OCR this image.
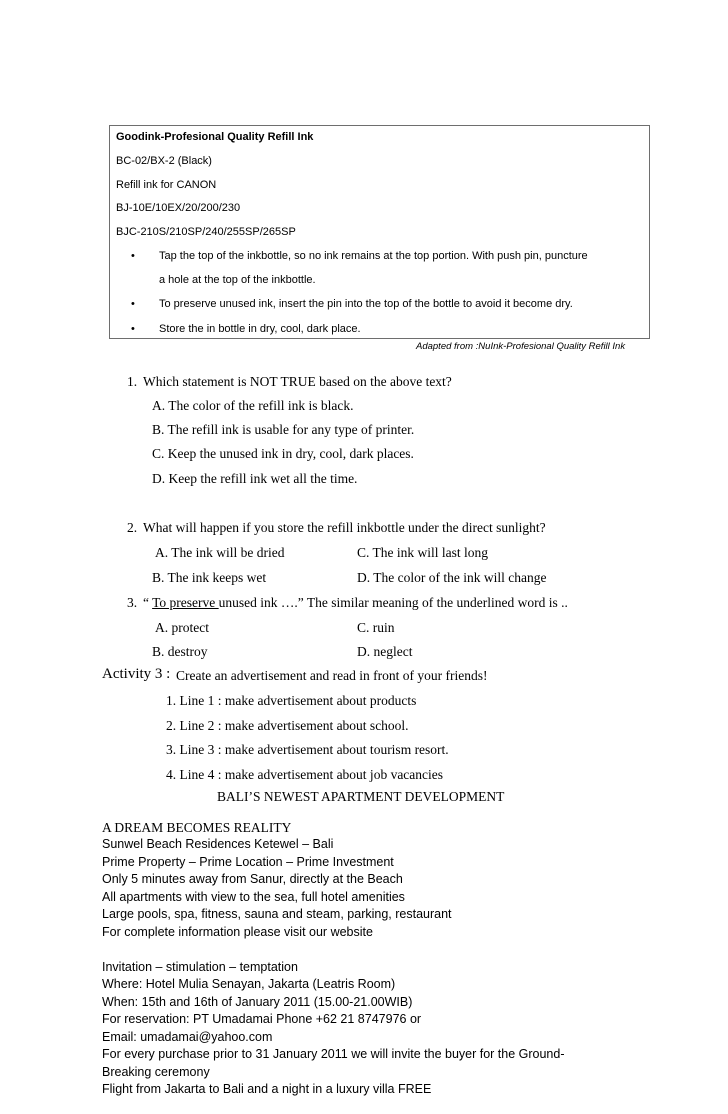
Goodink-Profesional Quality Refill Ink
BC-02/BX-2 (Black)
Refill ink for CANON
BJ-10E/10EX/20/200/230
BJC-210S/210SP/240/255SP/265SP
• Tap the top of the inkbottle, so no ink remains at the top portion. With push pin, puncture
a hole at the top of the inkbottle.
• To preserve unused ink, insert the pin into the top of the bottle to avoid it become dry.
• Store the in bottle in dry, cool, dark place.
Adapted from :NuInk-Profesional Quality Refill Ink
1. Which statement is NOT TRUE based on the above text?
A. The color of the refill ink is black.
B. The refill ink is usable for any type of printer.
C. Keep the unused ink in dry, cool, dark places.
D. Keep the refill ink wet all the time.
2. What will happen if you store the refill inkbottle under the direct sunlight?
A. The ink will be dried	C. The ink will last long
B. The ink keeps wet	D. The color of the ink will change
3. “ To preserve unused ink ….” The similar meaning of the underlined word is ..
A. protect	C. ruin
B. destroy	D. neglect
Activity 3 : Create an advertisement and read in front of your friends!
1. Line 1 : make advertisement about products
2. Line 2 : make advertisement about school.
3. Line 3 : make advertisement about tourism resort.
4. Line 4 : make advertisement about job vacancies
BALI’S NEWEST APARTMENT DEVELOPMENT
A DREAM BECOMES REALITY
Sunwel Beach Residences Ketewel – Bali
Prime Property – Prime Location – Prime Investment
Only 5 minutes away from Sanur, directly at the Beach
All apartments with view to the sea, full hotel amenities
Large pools, spa, fitness, sauna and steam, parking, restaurant
For complete information please visit our website
Invitation – stimulation – temptation
Where: Hotel Mulia Senayan, Jakarta (Leatris Room)
When: 15th and 16th of January 2011 (15.00-21.00WIB)
For reservation: PT Umadamai Phone +62 21 8747976 or
Email: umadamai@yahoo.com
For every purchase prior to 31 January 2011 we will invite the buyer for the Ground-
Breaking ceremony
Flight from Jakarta to Bali and a night in a luxury villa FREE
